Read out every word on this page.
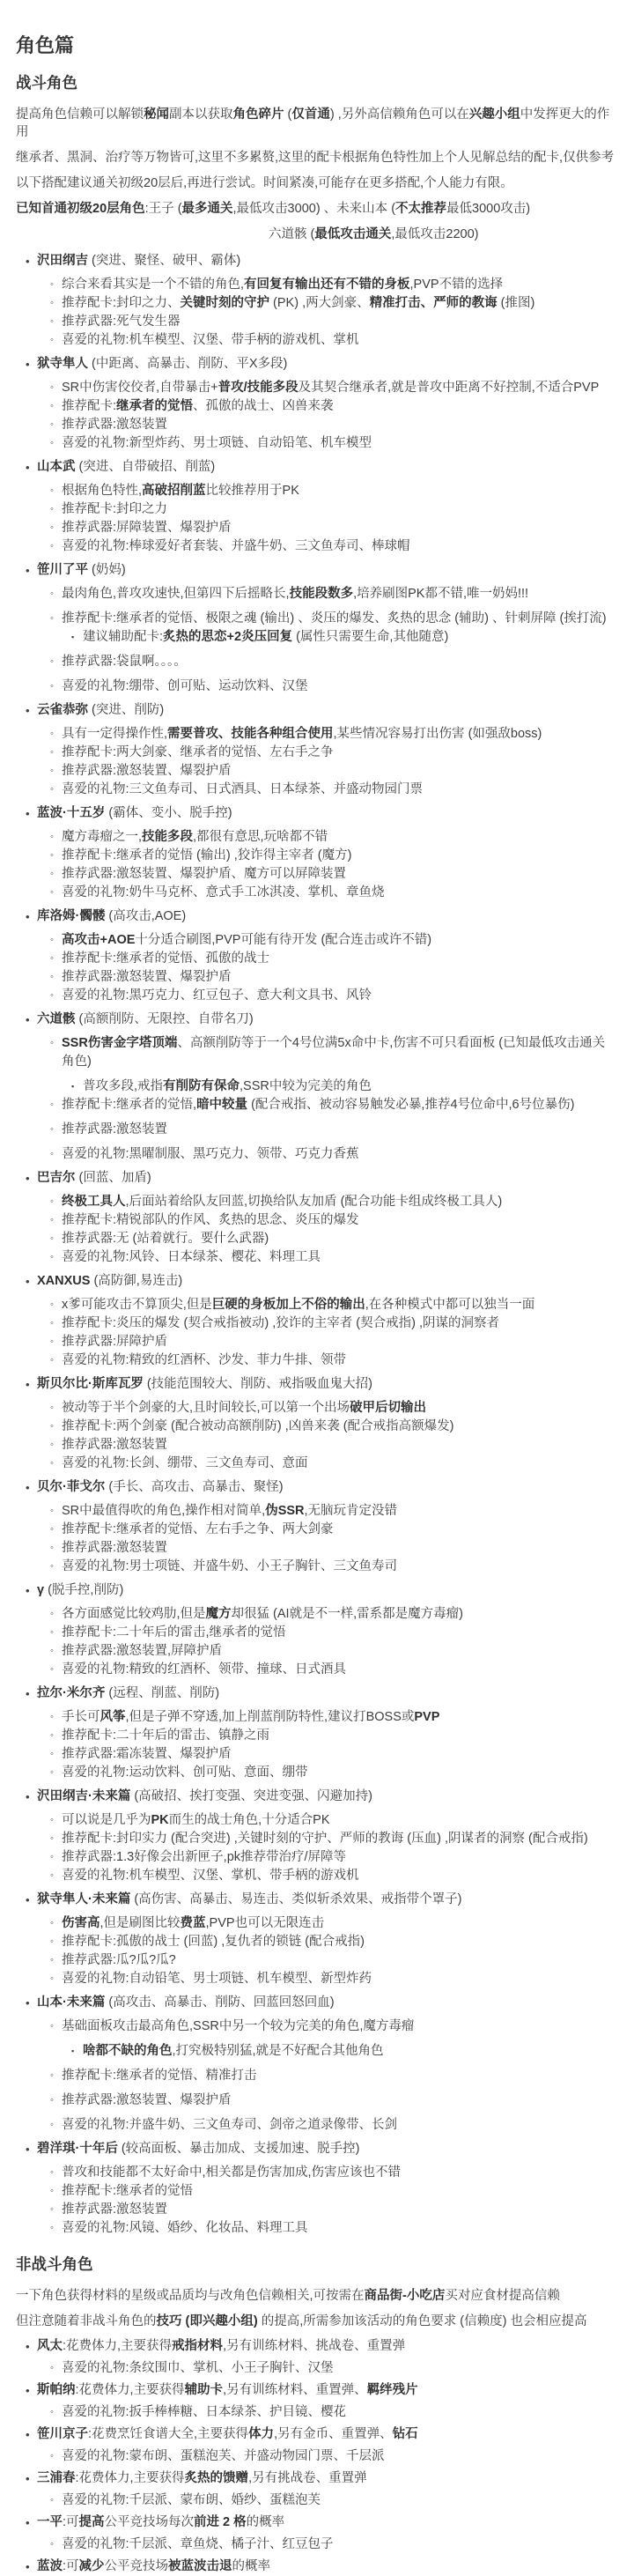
角色篇
战斗角色
提高角色信赖可以解锁秘闻副本以获取角色碎片 (仅首通) ,另外高信赖角色可以在兴趣小组中发挥更大的作用
继承者、黑洞、治疗等万物皆可,这里不多累赘,这里的配卡根据角色特性加上个人见解总结的配卡,仅供参考
以下搭配建议通关初级20层后,再进行尝试。时间紧凑,可能存在更多搭配,个人能力有限。
已知首通初级20层角色:王子 (最多通关,最低攻击3000) 、未来山本 (不太推荐最低3000攻击)
六道骸 (最低攻击通关,最低攻击2200)
• 沢田纲吉 (突进、聚怪、破甲、霸体)
◦ 综合来看其实是一个不错的角色,有回复有输出还有不错的身板,PVP不错的选择
◦ 推荐配卡:封印之力、关键时刻的守护 (PK) ,两大剑豪、精准打击、严师的教诲 (推图)
◦ 推荐武器:死气发生器
◦ 喜爱的礼物:机车模型、汉堡、带手柄的游戏机、掌机
• 狱寺隼人 (中距离、高暴击、削防、平X多段)
◦ SR中伤害佼佼者,自带暴击+普攻/技能多段及其契合继承者,就是普攻中距离不好控制,不适合PVP
◦ 推荐配卡:继承者的觉悟、孤傲的战士、凶兽来袭
◦ 推荐武器:激怒装置
◦ 喜爱的礼物:新型炸药、男士项链、自动铅笔、机车模型
• 山本武 (突进、自带破招、削蓝)
◦ 根据角色特性,高破招削蓝比较推荐用于PK
◦ 推荐配卡:封印之力
◦ 推荐武器:屏障装置、爆裂护盾
◦ 喜爱的礼物:棒球爱好者套装、并盛牛奶、三文鱼寿司、棒球帽
• 笹川了平 (奶妈)
◦ 最肉角色,普攻攻速快,但第四下后摇略长,技能段数多,培养刷图PK都不错,唯一奶妈!!!
◦ 推荐配卡:继承者的觉悟、极限之魂 (输出) 、炎压的爆发、炙热的思念 (辅助) 、针刺屏障 (挨打流)
▪ 建议辅助配卡:炙热的思恋+2炎压回复 (属性只需要生命,其他随意)
◦ 推荐武器:袋鼠啊。。。。
◦ 喜爱的礼物:绷带、创可贴、运动饮料、汉堡
• 云雀恭弥 (突进、削防)
◦ 具有一定得操作性,需要普攻、技能各种组合使用,某些情况容易打出伤害 (如强敌boss)
◦ 推荐配卡:两大剑豪、继承者的觉悟、左右手之争
◦ 推荐武器:激怒装置、爆裂护盾
◦ 喜爱的礼物:三文鱼寿司、日式酒具、日本绿茶、并盛动物园门票
• 蓝波·十五岁 (霸体、变小、脱手控)
◦ 魔方毒瘤之一,技能多段,都很有意思,玩啥都不错
◦ 推荐配卡:继承者的觉悟 (输出) ,狡诈得主宰者 (魔方)
◦ 推荐武器:激怒装置、爆裂护盾、魔方可以屏障装置
◦ 喜爱的礼物:奶牛马克杯、意式手工冰淇凌、掌机、章鱼烧
• 库洛姆·髑髅 (高攻击,AOE)
◦ 高攻击+AOE十分适合刷图,PVP可能有待开发 (配合连击或许不错)
◦ 推荐配卡:继承者的觉悟、孤傲的战士
◦ 推荐武器:激怒装置、爆裂护盾
◦ 喜爱的礼物:黑巧克力、红豆包子、意大利文具书、风铃
• 六道骸 (高额削防、无限控、自带名刀)
◦ SSR伤害金字塔顶端、高额削防等于一个4号位满5x命中卡,伤害不可只看面板 (已知最低攻击通关角色)
▪ 普攻多段,戒指有削防有保命,SSR中较为完美的角色
◦ 推荐配卡:继承者的觉悟,暗中较量 (配合戒指、被动容易触发必暴,推荐4号位命中,6号位暴伤)
◦ 推荐武器:激怒装置
◦ 喜爱的礼物:黑曜制服、黑巧克力、领带、巧克力香蕉
• 巴吉尔 (回蓝、加盾)
◦ 终极工具人,后面站着给队友回蓝,切换给队友加盾 (配合功能卡组成终极工具人)
◦ 推荐配卡:精锐部队的作风、炙热的思念、炎压的爆发
◦ 推荐武器:无 (站着就行。要什么武器)
◦ 喜爱的礼物:风铃、日本绿茶、樱花、料理工具
• XANXUS (高防御,易连击)
◦ x爹可能攻击不算顶尖,但是巨硬的身板加上不俗的输出,在各种模式中都可以独当一面
◦ 推荐配卡:炎压的爆发 (契合戒指被动) ,狡诈的主宰者 (契合戒指) ,阴谋的洞察者
◦ 推荐武器:屏障护盾
◦ 喜爱的礼物:精致的红酒杯、沙发、菲力牛排、领带
• 斯贝尔比·斯库瓦罗 (技能范围较大、削防、戒指吸血鬼大招)
◦ 被动等于半个剑豪的大,且时间较长,可以第一个出场破甲后切输出
◦ 推荐配卡:两个剑豪 (配合被动高额削防) ,凶兽来袭 (配合戒指高额爆发)
◦ 推荐武器:激怒装置
◦ 喜爱的礼物:长剑、绷带、三文鱼寿司、意面
• 贝尔·菲戈尔 (手长、高攻击、高暴击、聚怪)
◦ SR中最值得吹的角色,操作相对简单,伪SSR,无脑玩肯定没错
◦ 推荐配卡:继承者的觉悟、左右手之争、两大剑豪
◦ 推荐武器:激怒装置
◦ 喜爱的礼物:男士项链、并盛牛奶、小王子胸针、三文鱼寿司
• γ (脱手控,削防)
◦ 各方面感觉比较鸡肋,但是魔方却很猛 (AI就是不一样,雷系都是魔方毒瘤)
◦ 推荐配卡:二十年后的雷击,继承者的觉悟
◦ 推荐武器:激怒装置,屏障护盾
◦ 喜爱的礼物:精致的红酒杯、领带、撞球、日式酒具
• 拉尔·米尔齐 (远程、削蓝、削防)
◦ 手长可风筝,但是子弹不穿透,加上削蓝削防特性,建议打BOSS或PVP
◦ 推荐配卡:二十年后的雷击、镇静之雨
◦ 推荐武器:霜冻装置、爆裂护盾
◦ 喜爱的礼物:运动饮料、创可贴、意面、绷带
• 沢田纲吉·未来篇 (高破招、挨打变强、突进变强、闪避加持)
◦ 可以说是几乎为PK而生的战士角色,十分适合PK
◦ 推荐配卡:封印实力 (配合突进) ,关键时刻的守护、严师的教诲 (压血) ,阴谋者的洞察 (配合戒指)
◦ 推荐武器:1.3好像会出新匣子,pk推荐带治疗/屏障等
◦ 喜爱的礼物:机车模型、汉堡、掌机、带手柄的游戏机
• 狱寺隼人·未来篇 (高伤害、高暴击、易连击、类似斩杀效果、戒指带个罩子)
◦ 伤害高,但是刷图比较费蓝,PVP也可以无限连击
◦ 推荐配卡:孤傲的战士 (回蓝) ,复仇者的锁链 (配合戒指)
◦ 推荐武器:瓜?瓜?瓜?
◦ 喜爱的礼物:自动铅笔、男士项链、机车模型、新型炸药
• 山本·未来篇 (高攻击、高暴击、削防、回蓝回怒回血)
◦ 基础面板攻击最高角色,SSR中另一个较为完美的角色,魔方毒瘤
▪ 啥都不缺的角色,打究极特别猛,就是不好配合其他角色
◦ 推荐配卡:继承者的觉悟、精准打击
◦ 推荐武器:激怒装置、爆裂护盾
◦ 喜爱的礼物:并盛牛奶、三文鱼寿司、剑帝之道录像带、长剑
• 碧洋琪·十年后 (较高面板、暴击加成、支援加速、脱手控)
◦ 普攻和技能都不太好命中,相关都是伤害加成,伤害应该也不错
◦ 推荐配卡:继承者的觉悟
◦ 推荐武器:激怒装置
◦ 喜爱的礼物:风镜、婚纱、化妆品、料理工具
非战斗角色
一下角色获得材料的星级或品质均与改角色信赖相关,可按需在商品街-小吃店买对应食材提高信赖
但注意随着非战斗角色的技巧 (即兴趣小组) 的提高,所需参加该活动的角色要求 (信赖度) 也会相应提高
• 风太:花费体力,主要获得戒指材料,另有训练材料、挑战卷、重置弹
◦ 喜爱的礼物:条纹围巾、掌机、小王子胸针、汉堡
• 斯帕纳:花费体力,主要获得辅助卡,另有训练材料、重置弹、羁绊残片
◦ 喜爱的礼物:扳手棒棒糖、日本绿茶、护目镜、樱花
• 笹川京子:花费烹饪食谱大全,主要获得体力,另有金币、重置弹、钻石
◦ 喜爱的礼物:蒙布朗、蛋糕泡芙、并盛动物园门票、千层派
• 三浦春:花费体力,主要获得炙热的馈赠,另有挑战卷、重置弹
◦ 喜爱的礼物:千层派、蒙布朗、婚纱、蛋糕泡芙
• 一平:可提高公平竞技场每次前进 2 格的概率
◦ 喜爱的礼物:千层派、章鱼烧、橘子汁、红豆包子
• 蓝波:可减少公平竞技场被蓝波击退的概率
